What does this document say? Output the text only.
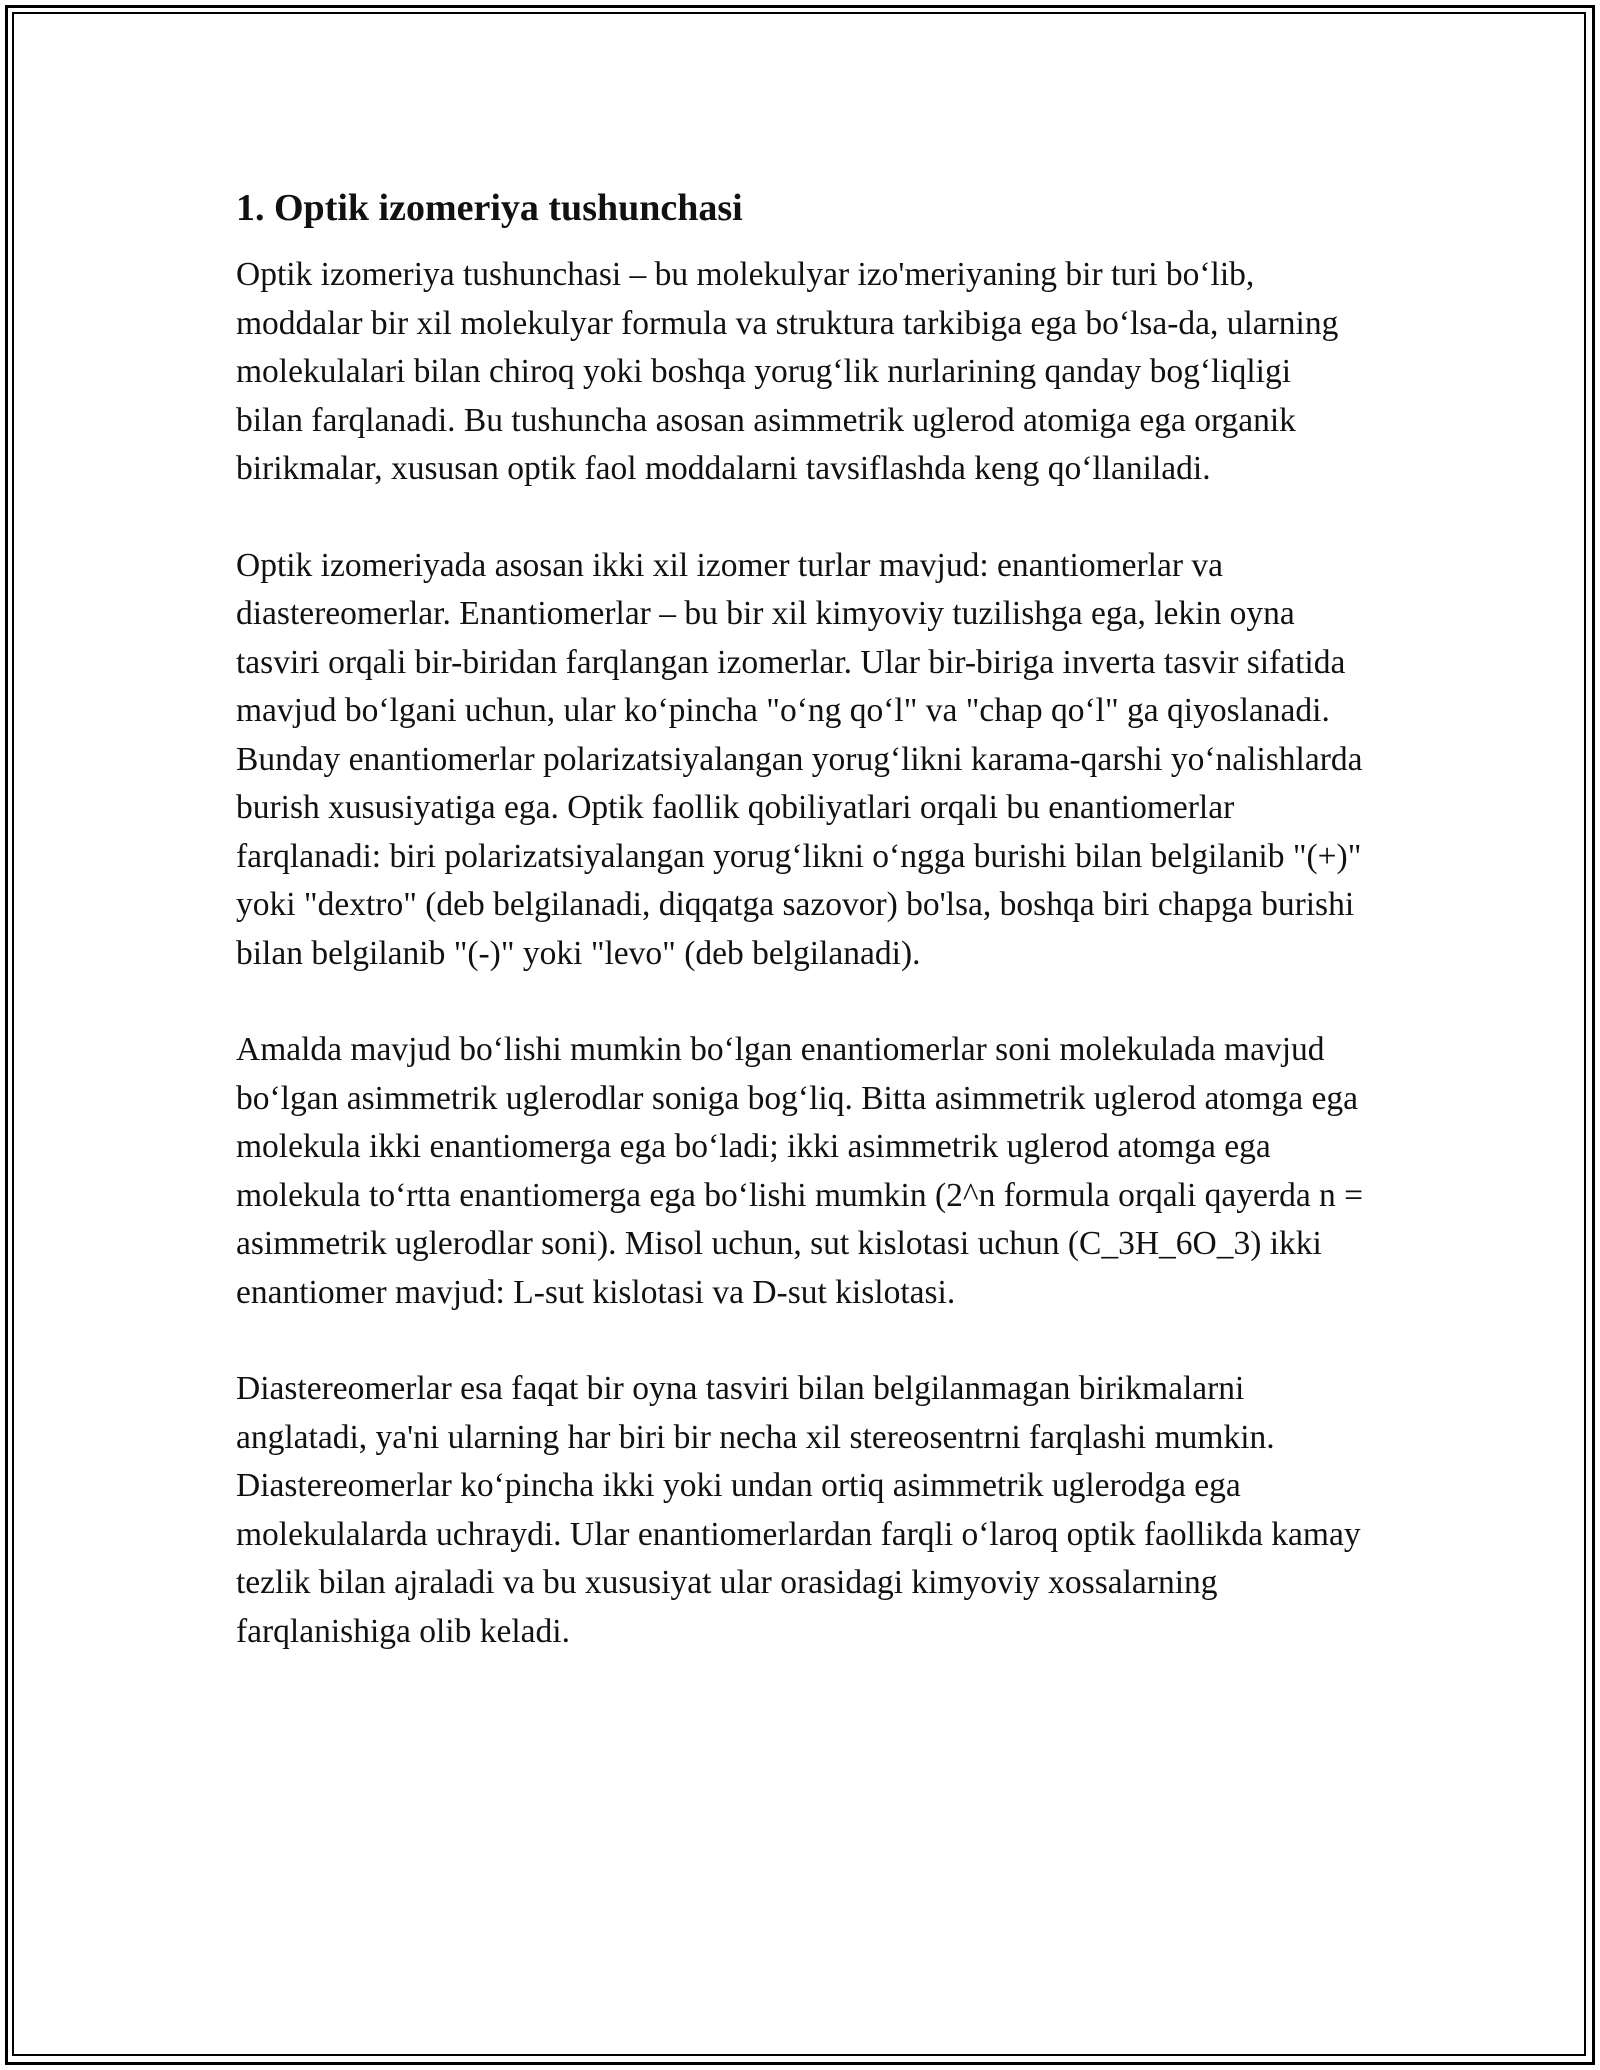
1. Optik izomeriya tushunchasi

Optik izomeriya tushunchasi – bu molekulyar izo'meriyaning bir turi bo‘lib, moddalar bir xil molekulyar formula va struktura tarkibiga ega bo‘lsa-da, ularning molekulalari bilan chiroq yoki boshqa yorug‘lik nurlarining qanday bog‘liqligi bilan farqlanadi. Bu tushuncha asosan asimmetrik uglerod atomiga ega organik birikmalar, xususan optik faol moddalarni tavsiflashda keng qo‘llaniladi.

Optik izomeriyada asosan ikki xil izomer turlar mavjud: enantiomerlar va diastereomerlar. Enantiomerlar – bu bir xil kimyoviy tuzilishga ega, lekin oyna tasviri orqali bir-biridan farqlangan izomerlar. Ular bir-biriga inverta tasvir sifatida mavjud bo‘lgani uchun, ular ko‘pincha "o‘ng qo‘l" va "chap qo‘l" ga qiyoslanadi. Bunday enantiomerlar polarizatsiyalangan yorug‘likni karama-qarshi yo‘nalishlarda burish xususiyatiga ega. Optik faollik qobiliyatlari orqali bu enantiomerlar farqlanadi: biri polarizatsiyalangan yorug‘likni o‘ngga burishi bilan belgilanib "(+)" yoki "dextro" (deb belgilanadi, diqqatga sazovor) bo'lsa, boshqa biri chapga burishi bilan belgilanib "(-)" yoki "levo" (deb belgilanadi).

Amalda mavjud bo‘lishi mumkin bo‘lgan enantiomerlar soni molekulada mavjud bo‘lgan asimmetrik uglerodlar soniga bog‘liq. Bitta asimmetrik uglerod atomga ega molekula ikki enantiomerga ega bo‘ladi; ikki asimmetrik uglerod atomga ega molekula to‘rtta enantiomerga ega bo‘lishi mumkin (2^n formula orqali qayerda n = asimmetrik uglerodlar soni). Misol uchun, sut kislotasi uchun (C_3H_6O_3) ikki enantiomer mavjud: L-sut kislotasi va D-sut kislotasi.

Diastereomerlar esa faqat bir oyna tasviri bilan belgilanmagan birikmalarni anglatadi, ya'ni ularning har biri bir necha xil stereosentrni farqlashi mumkin. Diastereomerlar ko‘pincha ikki yoki undan ortiq asimmetrik uglerodga ega molekulalarda uchraydi. Ular enantiomerlardan farqli o‘laroq optik faollikda kamay tezlik bilan ajraladi va bu xususiyat ular orasidagi kimyoviy xossalarning farqlanishiga olib keladi.
